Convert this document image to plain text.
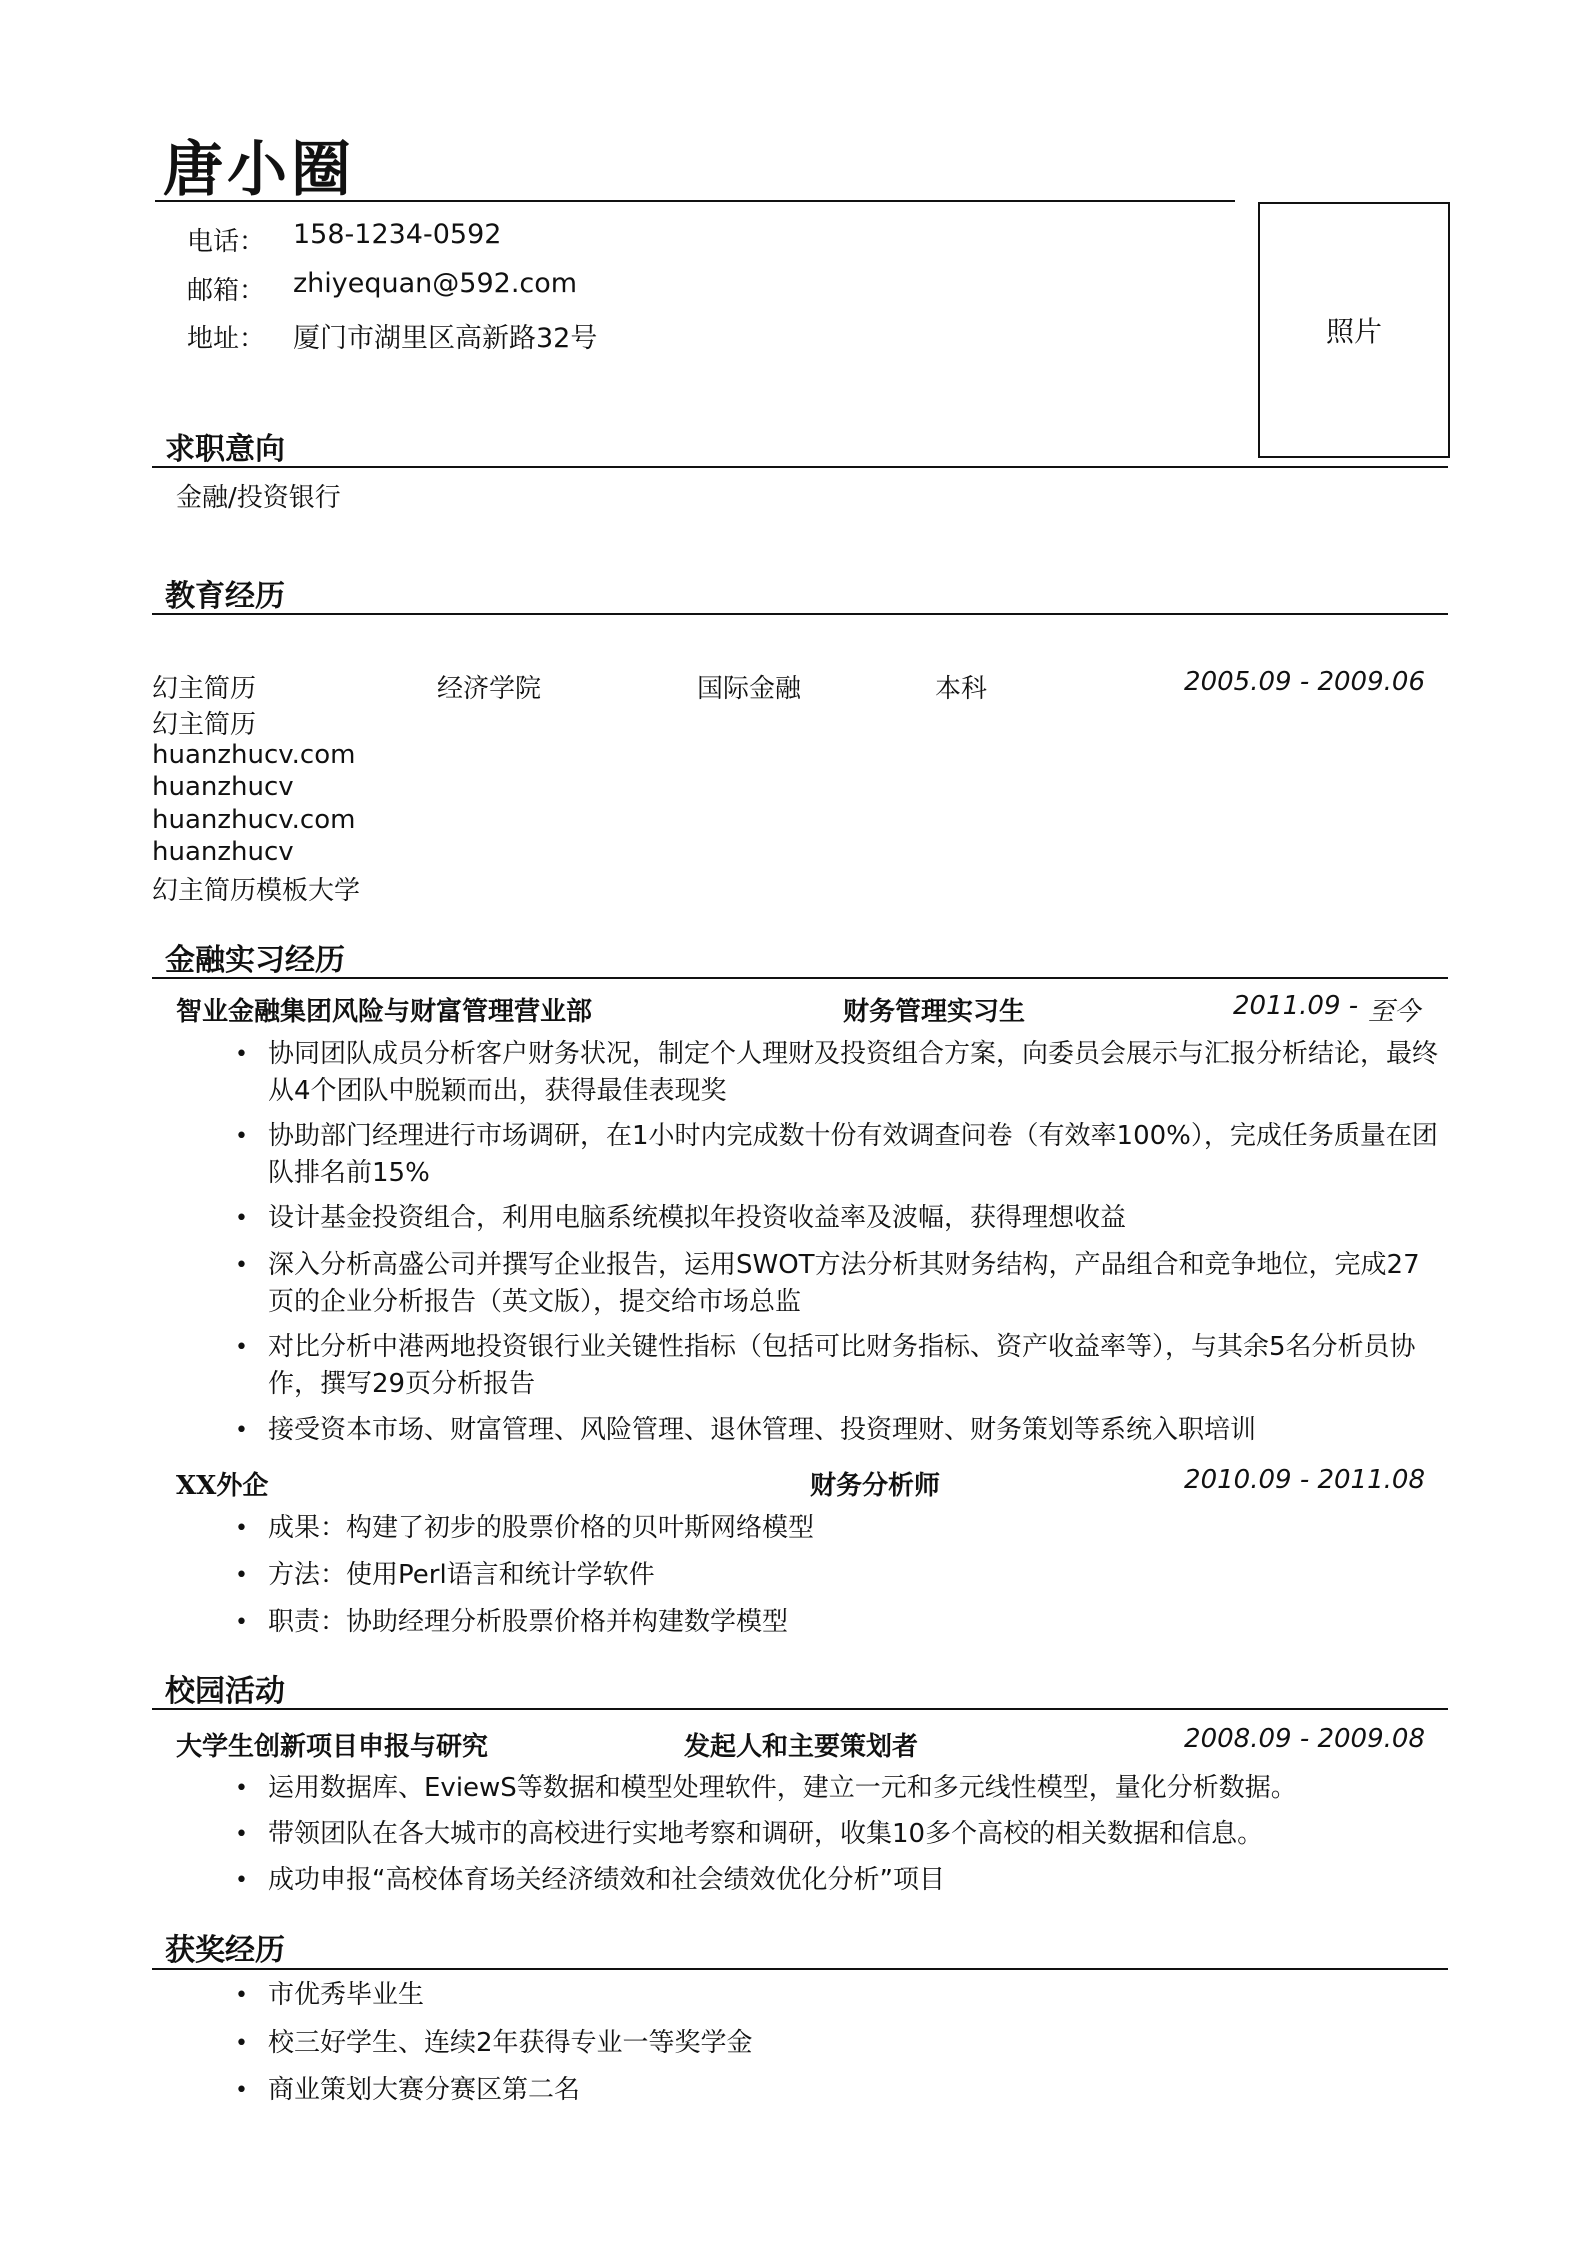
唐小圈
照片
电话： 158-1234-0592
邮箱： zhiyequan@592.com
地址： 厦门市湖里区高新路32号
求职意向
金融/投资银行
教育经历
幻主简历	经济学院	国际金融	本科	2005.09 - 2009.06
幻主简历
huanzhucv.com
huanzhucv
huanzhucv.com
huanzhucv
幻主简历模板大学
金融实习经历
智业金融集团风险与财富管理营业部	财务管理实习生	2011.09 - 至今
• 协同团队成员分析客户财务状况，制定个人理财及投资组合方案，向委员会展示与汇报分析结论，最终从4个团队中脱颖而出，获得最佳表现奖
• 协助部门经理进行市场调研，在1小时内完成数十份有效调查问卷（有效率100%），完成任务质量在团队排名前15%
• 设计基金投资组合，利用电脑系统模拟年投资收益率及波幅，获得理想收益
• 深入分析高盛公司并撰写企业报告，运用SWOT方法分析其财务结构，产品组合和竞争地位，完成27页的企业分析报告（英文版），提交给市场总监
• 对比分析中港两地投资银行业关键性指标（包括可比财务指标、资产收益率等），与其余5名分析员协作，撰写29页分析报告
• 接受资本市场、财富管理、风险管理、退休管理、投资理财、财务策划等系统入职培训
XX外企	财务分析师	2010.09 - 2011.08
• 成果：构建了初步的股票价格的贝叶斯网络模型
• 方法：使用Perl语言和统计学软件
• 职责：协助经理分析股票价格并构建数学模型
校园活动
大学生创新项目申报与研究	发起人和主要策划者	2008.09 - 2009.08
• 运用数据库、EviewS等数据和模型处理软件，建立一元和多元线性模型，量化分析数据。
• 带领团队在各大城市的高校进行实地考察和调研，收集10多个高校的相关数据和信息。
• 成功申报“高校体育场关经济绩效和社会绩效优化分析”项目
获奖经历
• 市优秀毕业生
• 校三好学生、连续2年获得专业一等奖学金
• 商业策划大赛分赛区第二名
